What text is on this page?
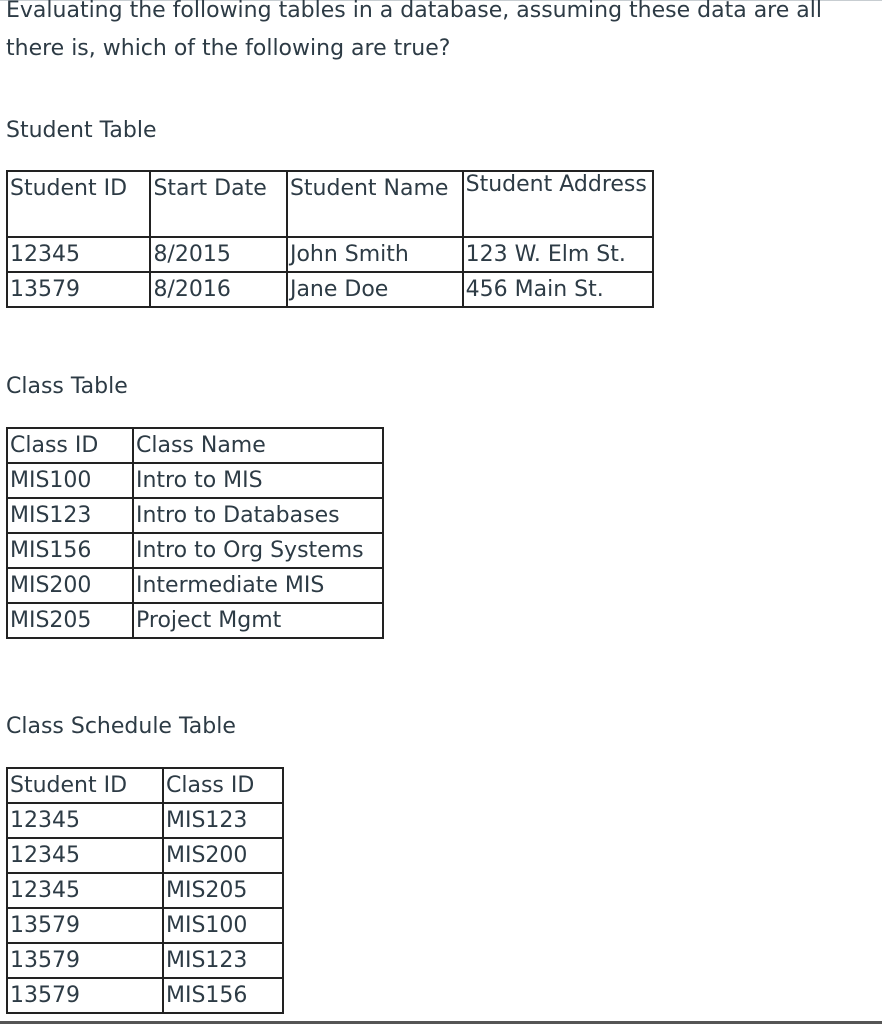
Evaluating the following tables in a database, assuming these data are all there is, which of the following are true?
Student Table
Student ID	Start Date	Student Name	Student Address
12345	8/2015	John Smith	123 W. Elm St.
13579	8/2016	Jane Doe	456 Main St.
Class Table
Class ID	Class Name
MIS100	Intro to MIS
MIS123	Intro to Databases
MIS156	Intro to Org Systems
MIS200	Intermediate MIS
MIS205	Project Mgmt
Class Schedule Table
Student ID	Class ID
12345	MIS123
12345	MIS200
12345	MIS205
13579	MIS100
13579	MIS123
13579	MIS156
